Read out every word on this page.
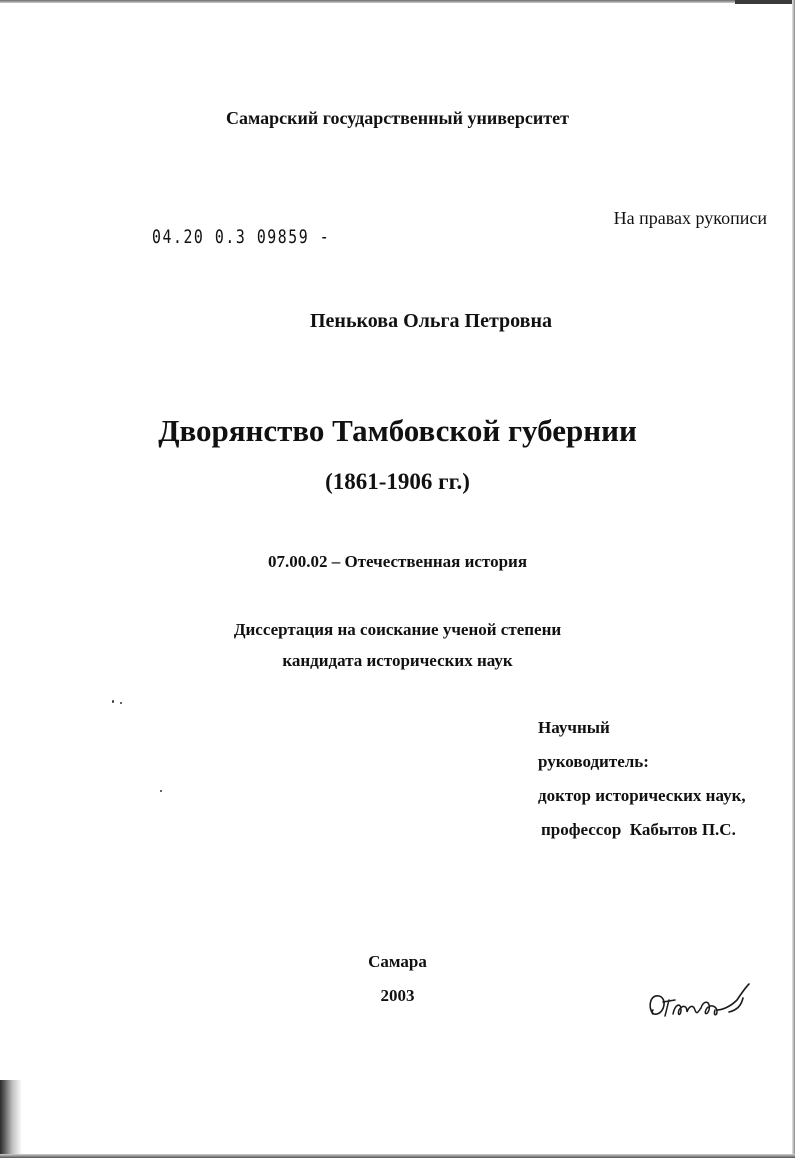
Самарский государственный университет
На правах рукописи
04.20 0.3 09859 -
Пенькова Ольга Петровна
Дворянство Тамбовской губернии
(1861-1906 гг.)
07.00.02 – Отечественная история
Диссертация на соискание ученой степени
кандидата исторических наук
Научный
руководитель:
доктор исторических наук,
профессор  Кабытов П.С.
Самара
2003
